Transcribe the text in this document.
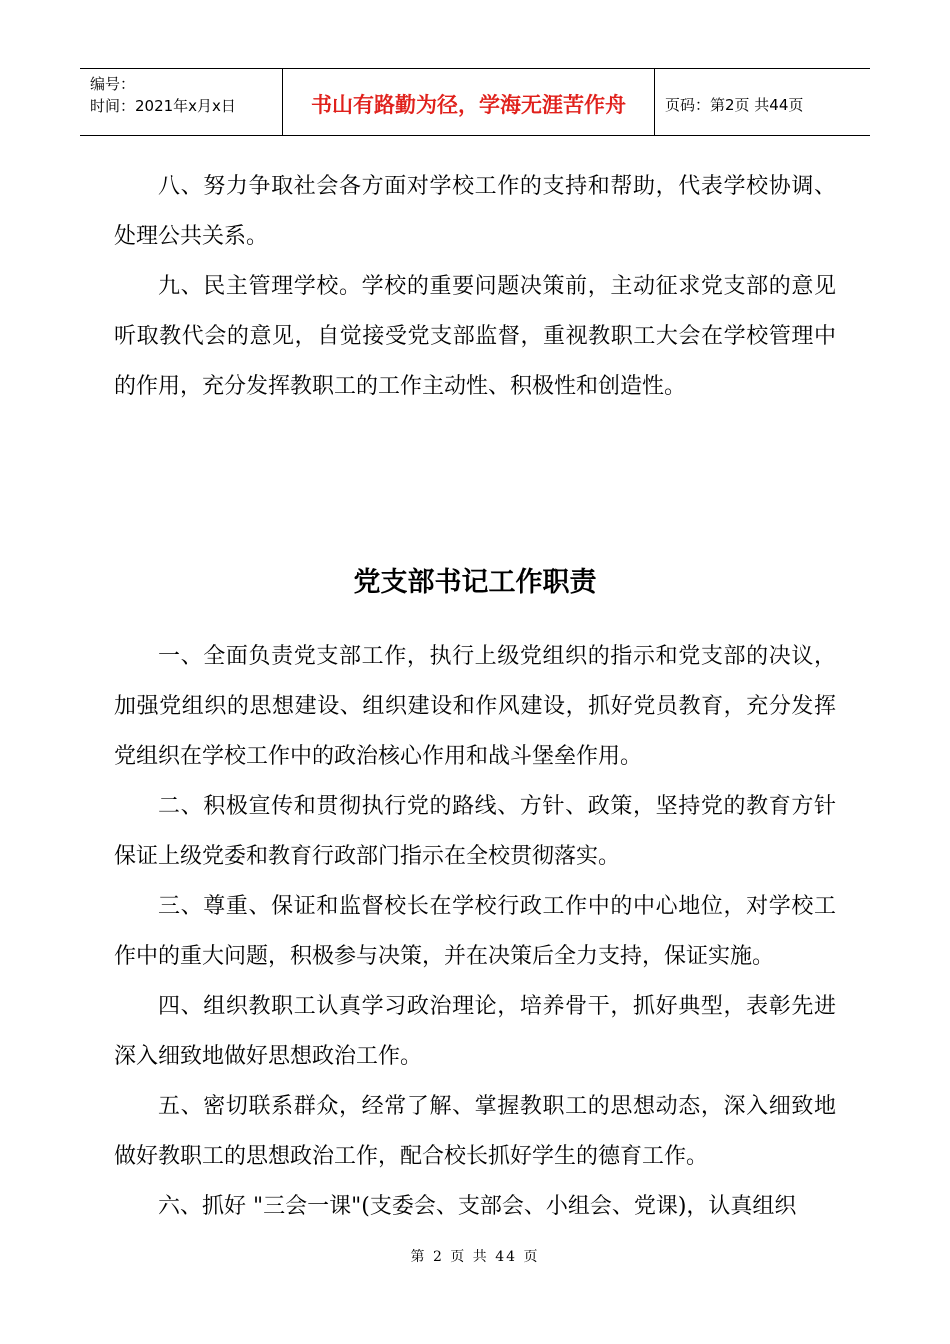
编号：
时间：2021年x月x日	书山有路勤为径，学海无涯苦作舟	页码：第2页 共44页

八、努力争取社会各方面对学校工作的支持和帮助，代表学校协调、处理公共关系。

九、民主管理学校。学校的重要问题决策前，主动征求党支部的意见听取教代会的意见，自觉接受党支部监督，重视教职工大会在学校管理中的作用，充分发挥教职工的工作主动性、积极性和创造性。

党支部书记工作职责

一、全面负责党支部工作，执行上级党组织的指示和党支部的决议，加强党组织的思想建设、组织建设和作风建设，抓好党员教育，充分发挥党组织在学校工作中的政治核心作用和战斗堡垒作用。

二、积极宣传和贯彻执行党的路线、方针、政策，坚持党的教育方针保证上级党委和教育行政部门指示在全校贯彻落实。

三、尊重、保证和监督校长在学校行政工作中的中心地位，对学校工作中的重大问题，积极参与决策，并在决策后全力支持，保证实施。

四、组织教职工认真学习政治理论，培养骨干，抓好典型，表彰先进深入细致地做好思想政治工作。

五、密切联系群众，经常了解、掌握教职工的思想动态，深入细致地做好教职工的思想政治工作，配合校长抓好学生的德育工作。

六、抓好 "三会一课"(支委会、支部会、小组会、党课)，认真组织

第 2 页 共 44 页
